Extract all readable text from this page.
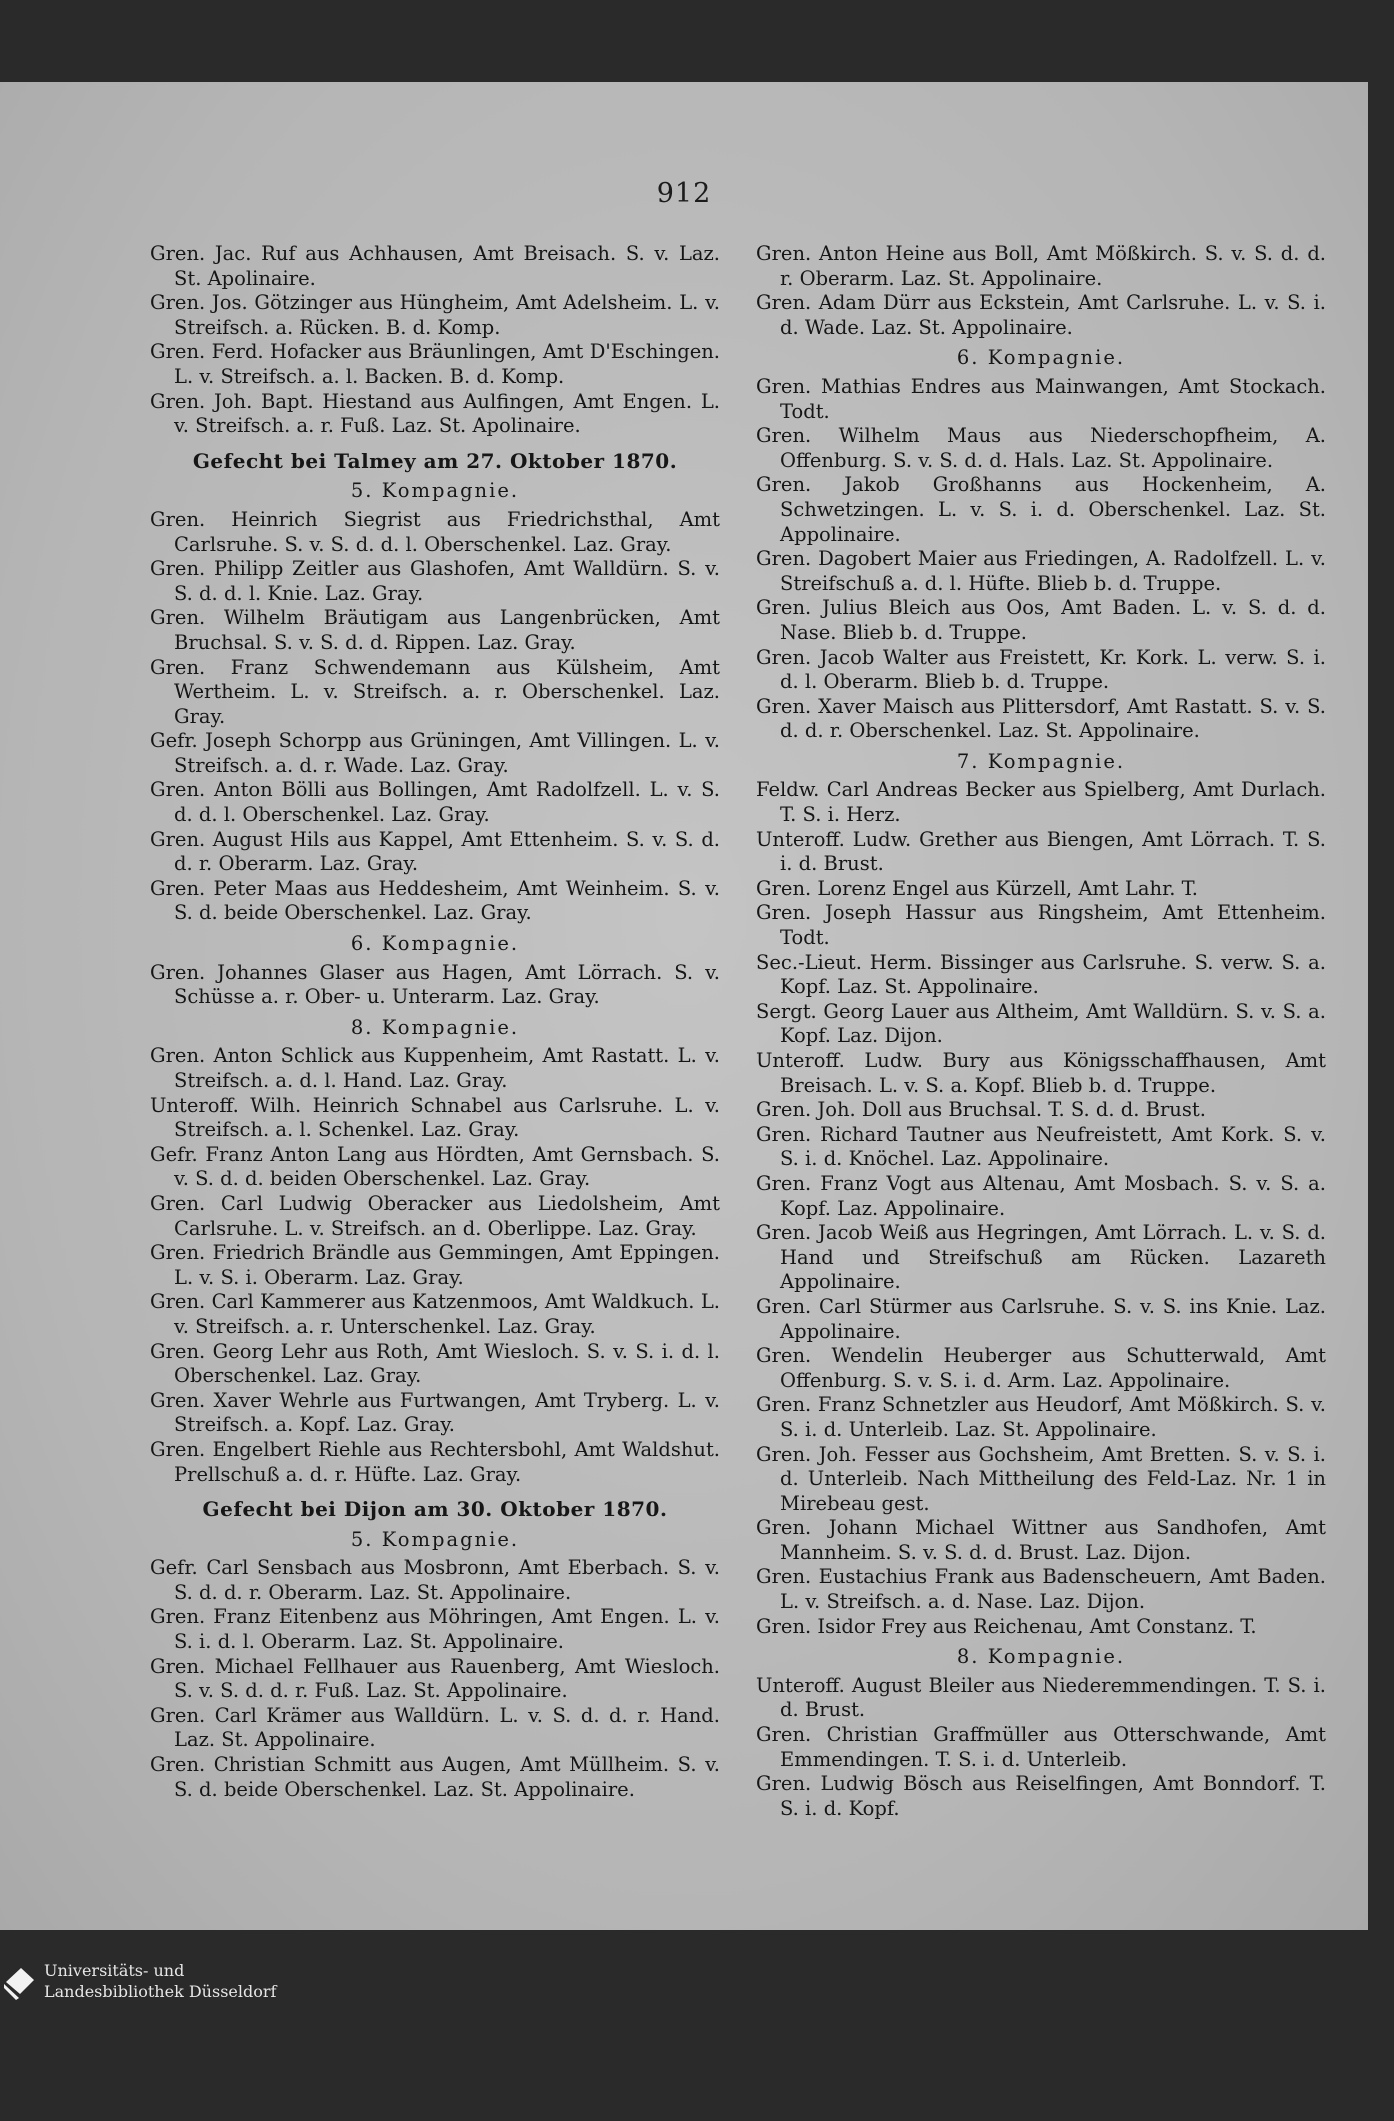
912
Gren. Jac. Ruf aus Achhausen, Amt Breisach. S. v. Laz. St. Apolinaire.
Gren. Jos. Götzinger aus Hüngheim, Amt Adelsheim. L. v. Streifsch. a. Rücken. B. d. Komp.
Gren. Ferd. Hofacker aus Bräunlingen, Amt D'Eschingen. L. v. Streifsch. a. l. Backen. B. d. Komp.
Gren. Joh. Bapt. Hiestand aus Aulfingen, Amt Engen. L. v. Streifsch. a. r. Fuß. Laz. St. Apolinaire.
Gefecht bei Talmey am 27. Oktober 1870.
5. Kompagnie.
Gren. Heinrich Siegrist aus Friedrichsthal, Amt Carlsruhe. S. v. S. d. d. l. Oberschenkel. Laz. Gray.
Gren. Philipp Zeitler aus Glashofen, Amt Walldürn. S. v. S. d. d. l. Knie. Laz. Gray.
Gren. Wilhelm Bräutigam aus Langenbrücken, Amt Bruchsal. S. v. S. d. d. Rippen. Laz. Gray.
Gren. Franz Schwendemann aus Külsheim, Amt Wertheim. L. v. Streifsch. a. r. Oberschenkel. Laz. Gray.
Gefr. Joseph Schorpp aus Grüningen, Amt Villingen. L. v. Streifsch. a. d. r. Wade. Laz. Gray.
Gren. Anton Bölli aus Bollingen, Amt Radolfzell. L. v. S. d. d. l. Oberschenkel. Laz. Gray.
Gren. August Hils aus Kappel, Amt Ettenheim. S. v. S. d. d. r. Oberarm. Laz. Gray.
Gren. Peter Maas aus Heddesheim, Amt Weinheim. S. v. S. d. beide Oberschenkel. Laz. Gray.
6. Kompagnie.
Gren. Johannes Glaser aus Hagen, Amt Lörrach. S. v. Schüsse a. r. Ober- u. Unterarm. Laz. Gray.
8. Kompagnie.
Gren. Anton Schlick aus Kuppenheim, Amt Rastatt. L. v. Streifsch. a. d. l. Hand. Laz. Gray.
Unteroff. Wilh. Heinrich Schnabel aus Carlsruhe. L. v. Streifsch. a. l. Schenkel. Laz. Gray.
Gefr. Franz Anton Lang aus Hördten, Amt Gernsbach. S. v. S. d. d. beiden Oberschenkel. Laz. Gray.
Gren. Carl Ludwig Oberacker aus Liedolsheim, Amt Carlsruhe. L. v. Streifsch. an d. Oberlippe. Laz. Gray.
Gren. Friedrich Brändle aus Gemmingen, Amt Eppingen. L. v. S. i. Oberarm. Laz. Gray.
Gren. Carl Kammerer aus Katzenmoos, Amt Waldkuch. L. v. Streifsch. a. r. Unterschenkel. Laz. Gray.
Gren. Georg Lehr aus Roth, Amt Wiesloch. S. v. S. i. d. l. Oberschenkel. Laz. Gray.
Gren. Xaver Wehrle aus Furtwangen, Amt Tryberg. L. v. Streifsch. a. Kopf. Laz. Gray.
Gren. Engelbert Riehle aus Rechtersbohl, Amt Waldshut. Prellschuß a. d. r. Hüfte. Laz. Gray.
Gefecht bei Dijon am 30. Oktober 1870.
5. Kompagnie.
Gefr. Carl Sensbach aus Mosbronn, Amt Eberbach. S. v. S. d. d. r. Oberarm. Laz. St. Appolinaire.
Gren. Franz Eitenbenz aus Möhringen, Amt Engen. L. v. S. i. d. l. Oberarm. Laz. St. Appolinaire.
Gren. Michael Fellhauer aus Rauenberg, Amt Wiesloch. S. v. S. d. d. r. Fuß. Laz. St. Appolinaire.
Gren. Carl Krämer aus Walldürn. L. v. S. d. d. r. Hand. Laz. St. Appolinaire.
Gren. Christian Schmitt aus Augen, Amt Müllheim. S. v. S. d. beide Oberschenkel. Laz. St. Appolinaire.
Gren. Anton Heine aus Boll, Amt Mößkirch. S. v. S. d. d. r. Oberarm. Laz. St. Appolinaire.
Gren. Adam Dürr aus Eckstein, Amt Carlsruhe. L. v. S. i. d. Wade. Laz. St. Appolinaire.
6. Kompagnie.
Gren. Mathias Endres aus Mainwangen, Amt Stockach. Todt.
Gren. Wilhelm Maus aus Niederschopfheim, A. Offenburg. S. v. S. d. d. Hals. Laz. St. Appolinaire.
Gren. Jakob Großhanns aus Hockenheim, A. Schwetzingen. L. v. S. i. d. Oberschenkel. Laz. St. Appolinaire.
Gren. Dagobert Maier aus Friedingen, A. Radolfzell. L. v. Streifschuß a. d. l. Hüfte. Blieb b. d. Truppe.
Gren. Julius Bleich aus Oos, Amt Baden. L. v. S. d. d. Nase. Blieb b. d. Truppe.
Gren. Jacob Walter aus Freistett, Kr. Kork. L. verw. S. i. d. l. Oberarm. Blieb b. d. Truppe.
Gren. Xaver Maisch aus Plittersdorf, Amt Rastatt. S. v. S. d. d. r. Oberschenkel. Laz. St. Appolinaire.
7. Kompagnie.
Feldw. Carl Andreas Becker aus Spielberg, Amt Durlach. T. S. i. Herz.
Unteroff. Ludw. Grether aus Biengen, Amt Lörrach. T. S. i. d. Brust.
Gren. Lorenz Engel aus Kürzell, Amt Lahr. T.
Gren. Joseph Hassur aus Ringsheim, Amt Ettenheim. Todt.
Sec.-Lieut. Herm. Bissinger aus Carlsruhe. S. verw. S. a. Kopf. Laz. St. Appolinaire.
Sergt. Georg Lauer aus Altheim, Amt Walldürn. S. v. S. a. Kopf. Laz. Dijon.
Unteroff. Ludw. Bury aus Königsschaffhausen, Amt Breisach. L. v. S. a. Kopf. Blieb b. d. Truppe.
Gren. Joh. Doll aus Bruchsal. T. S. d. d. Brust.
Gren. Richard Tautner aus Neufreistett, Amt Kork. S. v. S. i. d. Knöchel. Laz. Appolinaire.
Gren. Franz Vogt aus Altenau, Amt Mosbach. S. v. S. a. Kopf. Laz. Appolinaire.
Gren. Jacob Weiß aus Hegringen, Amt Lörrach. L. v. S. d. Hand und Streifschuß am Rücken. Lazareth Appolinaire.
Gren. Carl Stürmer aus Carlsruhe. S. v. S. ins Knie. Laz. Appolinaire.
Gren. Wendelin Heuberger aus Schutterwald, Amt Offenburg. S. v. S. i. d. Arm. Laz. Appolinaire.
Gren. Franz Schnetzler aus Heudorf, Amt Mößkirch. S. v. S. i. d. Unterleib. Laz. St. Appolinaire.
Gren. Joh. Fesser aus Gochsheim, Amt Bretten. S. v. S. i. d. Unterleib. Nach Mittheilung des Feld-Laz. Nr. 1 in Mirebeau gest.
Gren. Johann Michael Wittner aus Sandhofen, Amt Mannheim. S. v. S. d. d. Brust. Laz. Dijon.
Gren. Eustachius Frank aus Badenscheuern, Amt Baden. L. v. Streifsch. a. d. Nase. Laz. Dijon.
Gren. Isidor Frey aus Reichenau, Amt Constanz. T.
8. Kompagnie.
Unteroff. August Bleiler aus Niederemmendingen. T. S. i. d. Brust.
Gren. Christian Graffmüller aus Otterschwande, Amt Emmendingen. T. S. i. d. Unterleib.
Gren. Ludwig Bösch aus Reiselfingen, Amt Bonndorf. T. S. i. d. Kopf.
Universitäts- und
Landesbibliothek Düsseldorf
